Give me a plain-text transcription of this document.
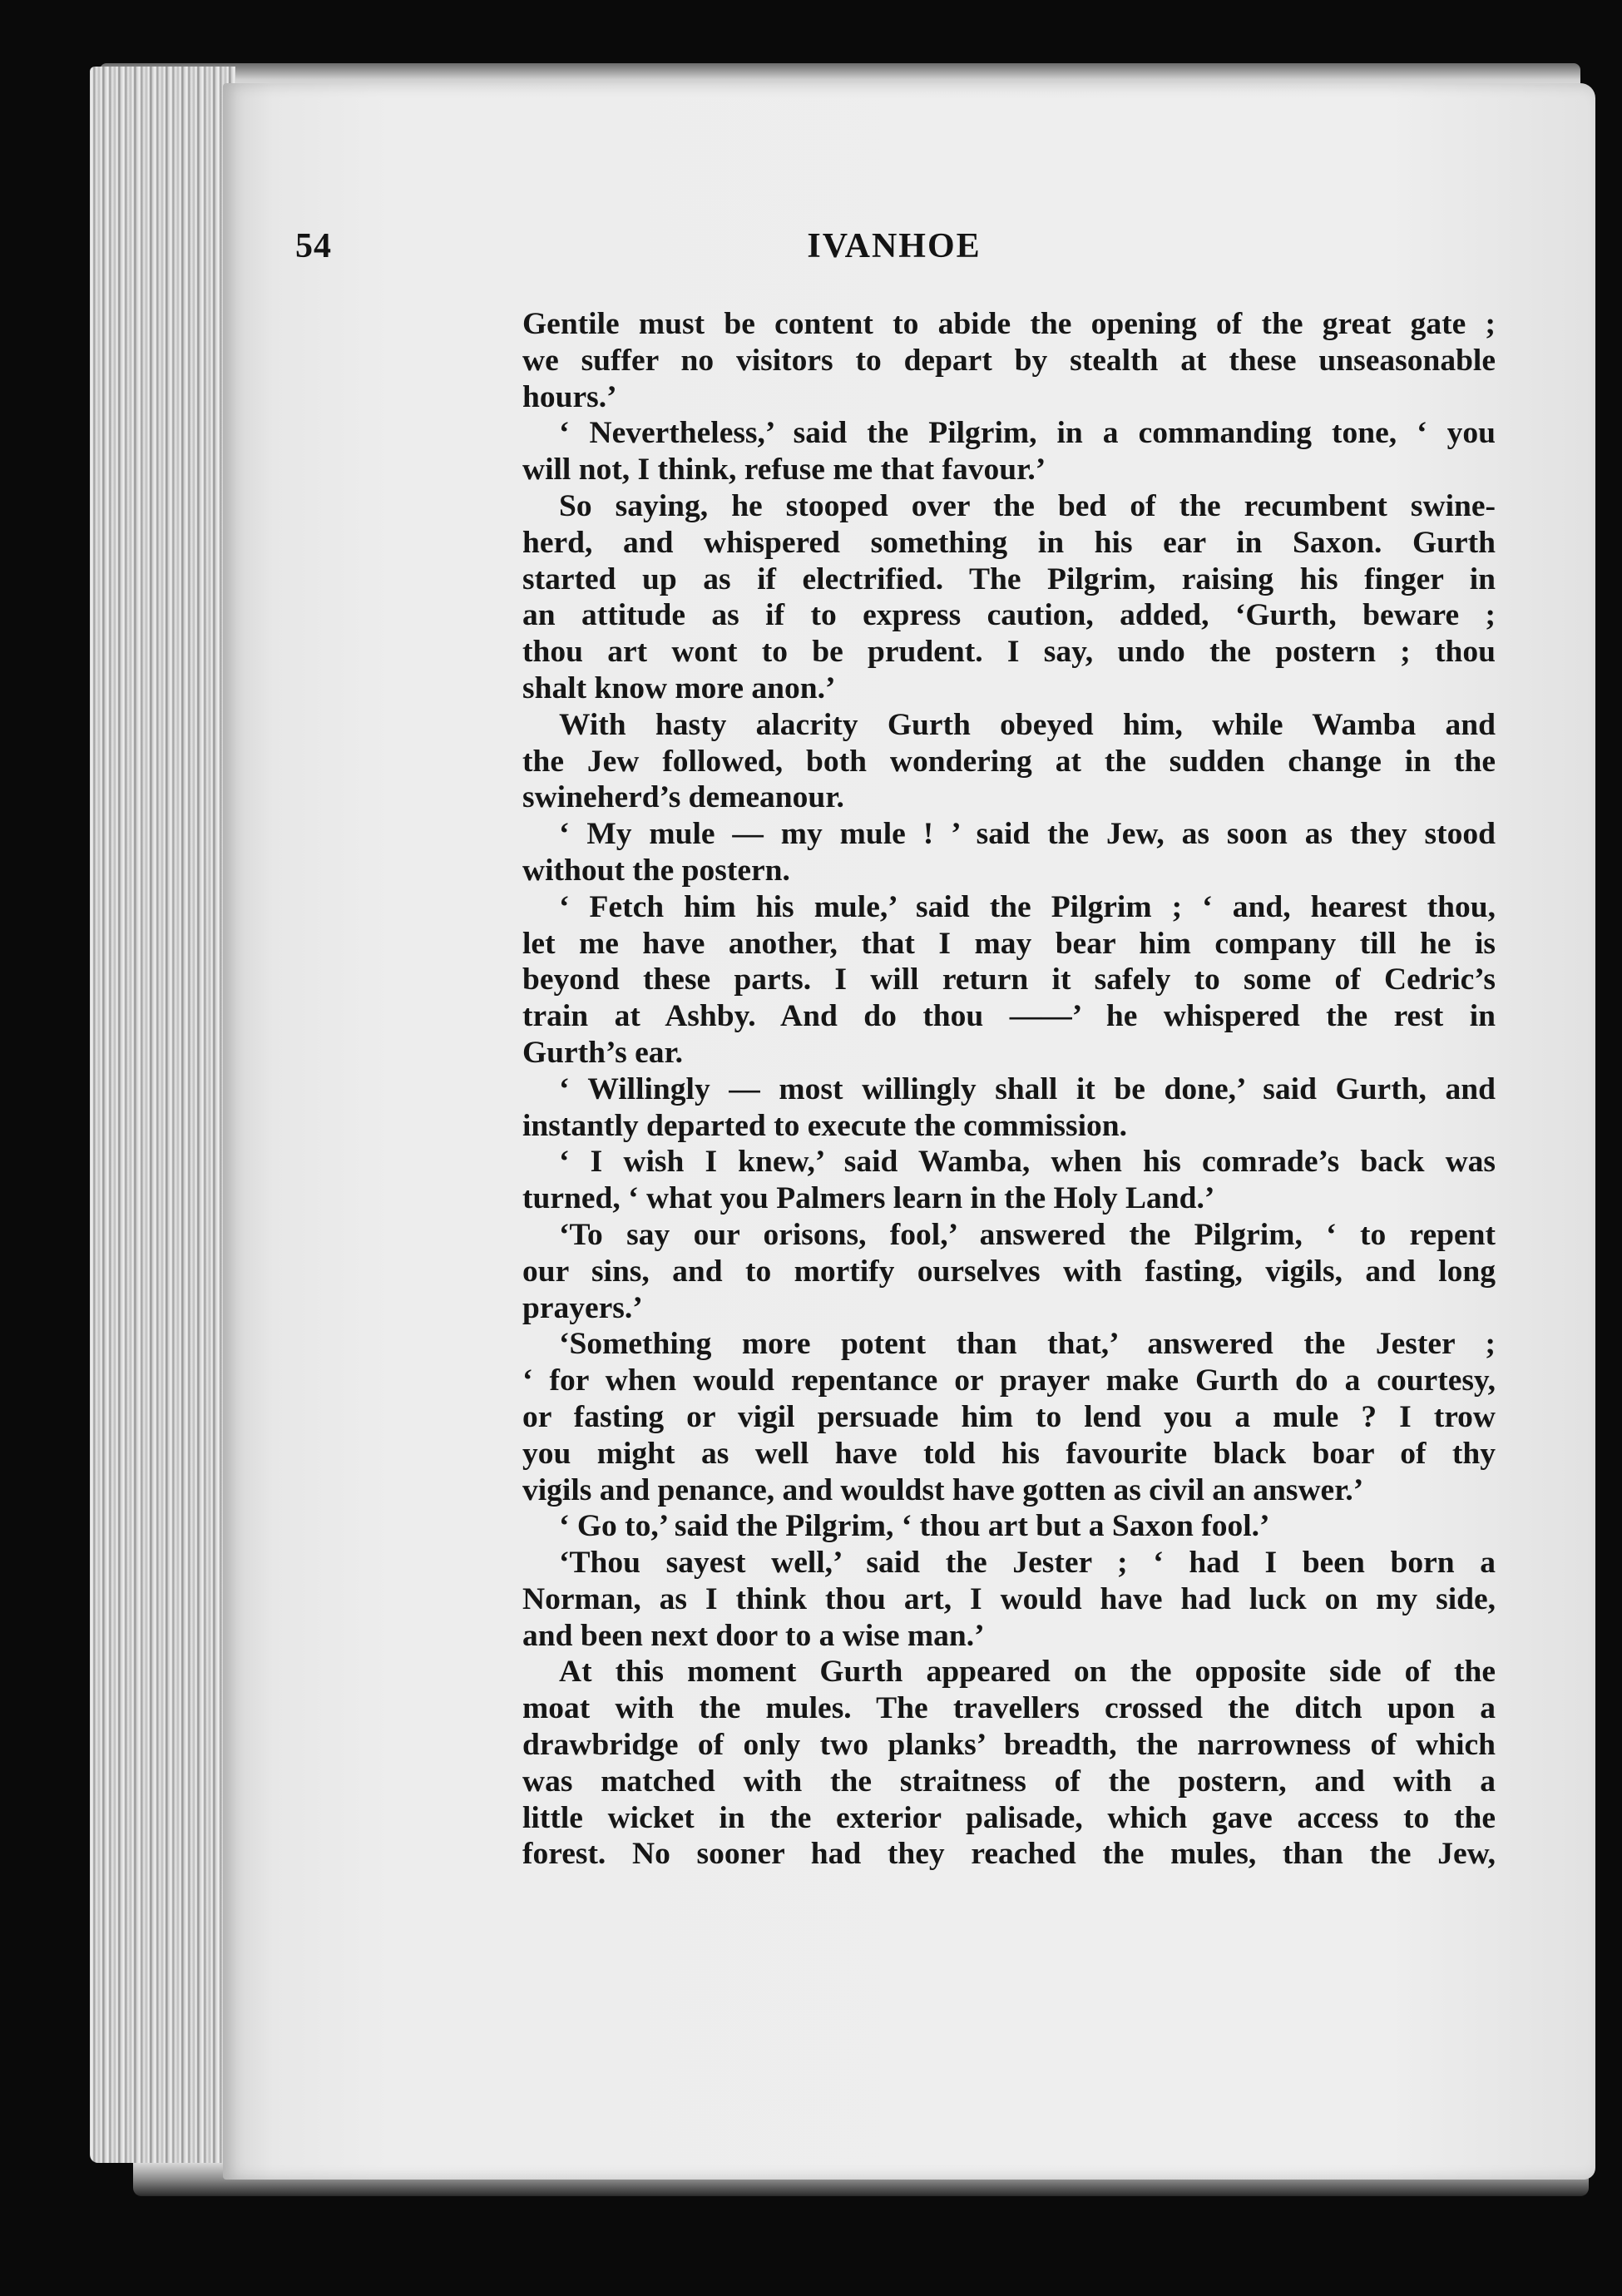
54	IVANHOE
Gentile must be content to abide the opening of the great gate ;
we suffer no visitors to depart by stealth at these unseasonable
hours.’
‘ Nevertheless,’ said the Pilgrim, in a commanding tone, ‘ you
will not, I think, refuse me that favour.’
So saying, he stooped over the bed of the recumbent swine-
herd, and whispered something in his ear in Saxon. Gurth
started up as if electrified. The Pilgrim, raising his finger in
an attitude as if to express caution, added, ‘Gurth, beware ;
thou art wont to be prudent. I say, undo the postern ; thou
shalt know more anon.’
With hasty alacrity Gurth obeyed him, while Wamba and
the Jew followed, both wondering at the sudden change in the
swineherd’s demeanour.
‘ My mule — my mule ! ’ said the Jew, as soon as they stood
without the postern.
‘ Fetch him his mule,’ said the Pilgrim ; ‘ and, hearest thou,
let me have another, that I may bear him company till he is
beyond these parts. I will return it safely to some of Cedric’s
train at Ashby. And do thou ——’ he whispered the rest in
Gurth’s ear.
‘ Willingly — most willingly shall it be done,’ said Gurth, and
instantly departed to execute the commission.
‘ I wish I knew,’ said Wamba, when his comrade’s back was
turned, ‘ what you Palmers learn in the Holy Land.’
‘To say our orisons, fool,’ answered the Pilgrim, ‘ to repent
our sins, and to mortify ourselves with fasting, vigils, and long
prayers.’
‘Something more potent than that,’ answered the Jester ;
‘ for when would repentance or prayer make Gurth do a courtesy,
or fasting or vigil persuade him to lend you a mule ? I trow
you might as well have told his favourite black boar of thy
vigils and penance, and wouldst have gotten as civil an answer.’
‘ Go to,’ said the Pilgrim, ‘ thou art but a Saxon fool.’
‘Thou sayest well,’ said the Jester ; ‘ had I been born a
Norman, as I think thou art, I would have had luck on my side,
and been next door to a wise man.’
At this moment Gurth appeared on the opposite side of the
moat with the mules. The travellers crossed the ditch upon a
drawbridge of only two planks’ breadth, the narrowness of which
was matched with the straitness of the postern, and with a
little wicket in the exterior palisade, which gave access to the
forest. No sooner had they reached the mules, than the Jew,
